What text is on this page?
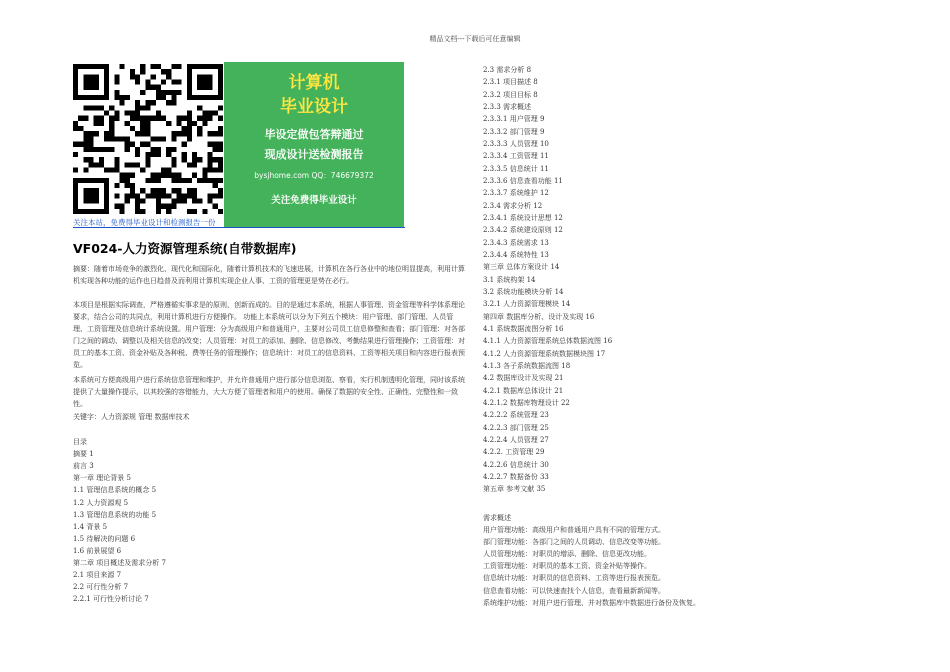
精品文档---下载后可任意编辑
计算机
毕业设计
毕设定做包答辩通过
现成设计送检测报告
bysjhome.com QQ：746679372
关注免费得毕业设计
关注本站，免费得毕业设计和检测报告一份
VF024-人力资源管理系统(自带数据库)

摘要：随着市场竞争的激烈化、现代化和国际化，随着计算机技术的飞速进展，计算机在各行各业中的地位明显提高，利用计算机实现各种功能的运作也日趋普及而利用计算机实现企业人事、工资的管理更是势在必行。

本项目是根据实际调查，严格遵循实事求是的原则，创新而成的。目的是通过本系统，根据人事管理、资金管理等科学体系理论要求，结合公司的共同点，利用计算机进行方便操作。 功能上本系统可以分为下列五个模块：用户管理、部门管理、人员管理、工资管理及信息统计系统设置。用户管理：分为高级用户和普通用户，主要对公司员工信息修整和查看；部门管理：对各部门之间的调动、调整以及相关信息的改变；人员管理：对员工的添加、删除、信息修改、考勤结果进行管理操作；工资管理：对员工的基本工资、资金补贴及各种税、费等任务的管理操作；信息统计：对员工的信息资料、工资等相关项目和内容进行报表预览。

本系统可方便高级用户进行系统信息管理和维护，并允许普通用户进行部分信息浏览、察看，实行机制透明化管理，同时该系统提供了大量操作提示，以其较强的容错能力，大大方便了管理者和用户的使用。确保了数据的安全性、正确性、完整性和一致性。

关键字：人力资源规 管理 数据库技术

目录
摘要 1
前言 3
第一章 理论背景 5
1.1 管理信息系统的概念 5
1.2 人力资源观 5
1.3 管理信息系统的功能 5
1.4 背景 5
1.5 待解决的问题 6
1.6 前景展望 6
第二章 项目概述及需求分析 7
2.1 项目来源 7
2.2 可行性分析 7
2.2.1 可行性分析讨论 7
2.3 需求分析 8
2.3.1 项目描述 8
2.3.2 项目目标 8
2.3.3 需求概述
2.3.3.1 用户管理 9
2.3.3.2 部门管理 9
2.3.3.3 人员管理 10
2.3.3.4 工资管理 11
2.3.3.5 信息统计 11
2.3.3.6 信息查看功能 11
2.3.3.7 系统维护 12
2.3.4 需求分析 12
2.3.4.1 系统设计思想 12
2.3.4.2 系统建设原则 12
2.3.4.3 系统需求 13
2.3.4.4 系统特性 13
第三章 总体方案设计 14
3.1 系统构架 14
3.2 系统功能模块分析 14
3.2.1 人力资源管理模块 14
第四章 数据库分析、设计及实现 16
4.1 系统数据流图分析 16
4.1.1 人力资源管理系统总体数据流图 16
4.1.2 人力资源管理系统数据模块图 17
4.1.3 各子系统数据流图 18
4.2 数据库设计及实现 21
4.2.1 数据库总体设计 21
4.2.1.2 数据库物理设计 22
4.2.2.2 系统管理 23
4.2.2.3 部门管理 25
4.2.2.4 人员管理 27
4.2.2. 工资管理 29
4.2.2.6 信息统计 30
4.2.2.7 数据备份 33
第五章 参考文献 35
需求概述
用户管理功能：高级用户和普通用户具有不同的管理方式。
部门管理功能：各部门之间的人员调动、信息改变等功能。
人员管理功能：对职员的增添、删除、信息更改功能。
工资管理功能：对职员的基本工资、资金补贴等操作。
信息统计功能：对职员的信息资料、工资等进行报表预览。
信息查看功能：可以快速查找个人信息，查看最新新闻等。
系统维护功能：对用户进行管理、并对数据库中数据进行备份及恢复。
